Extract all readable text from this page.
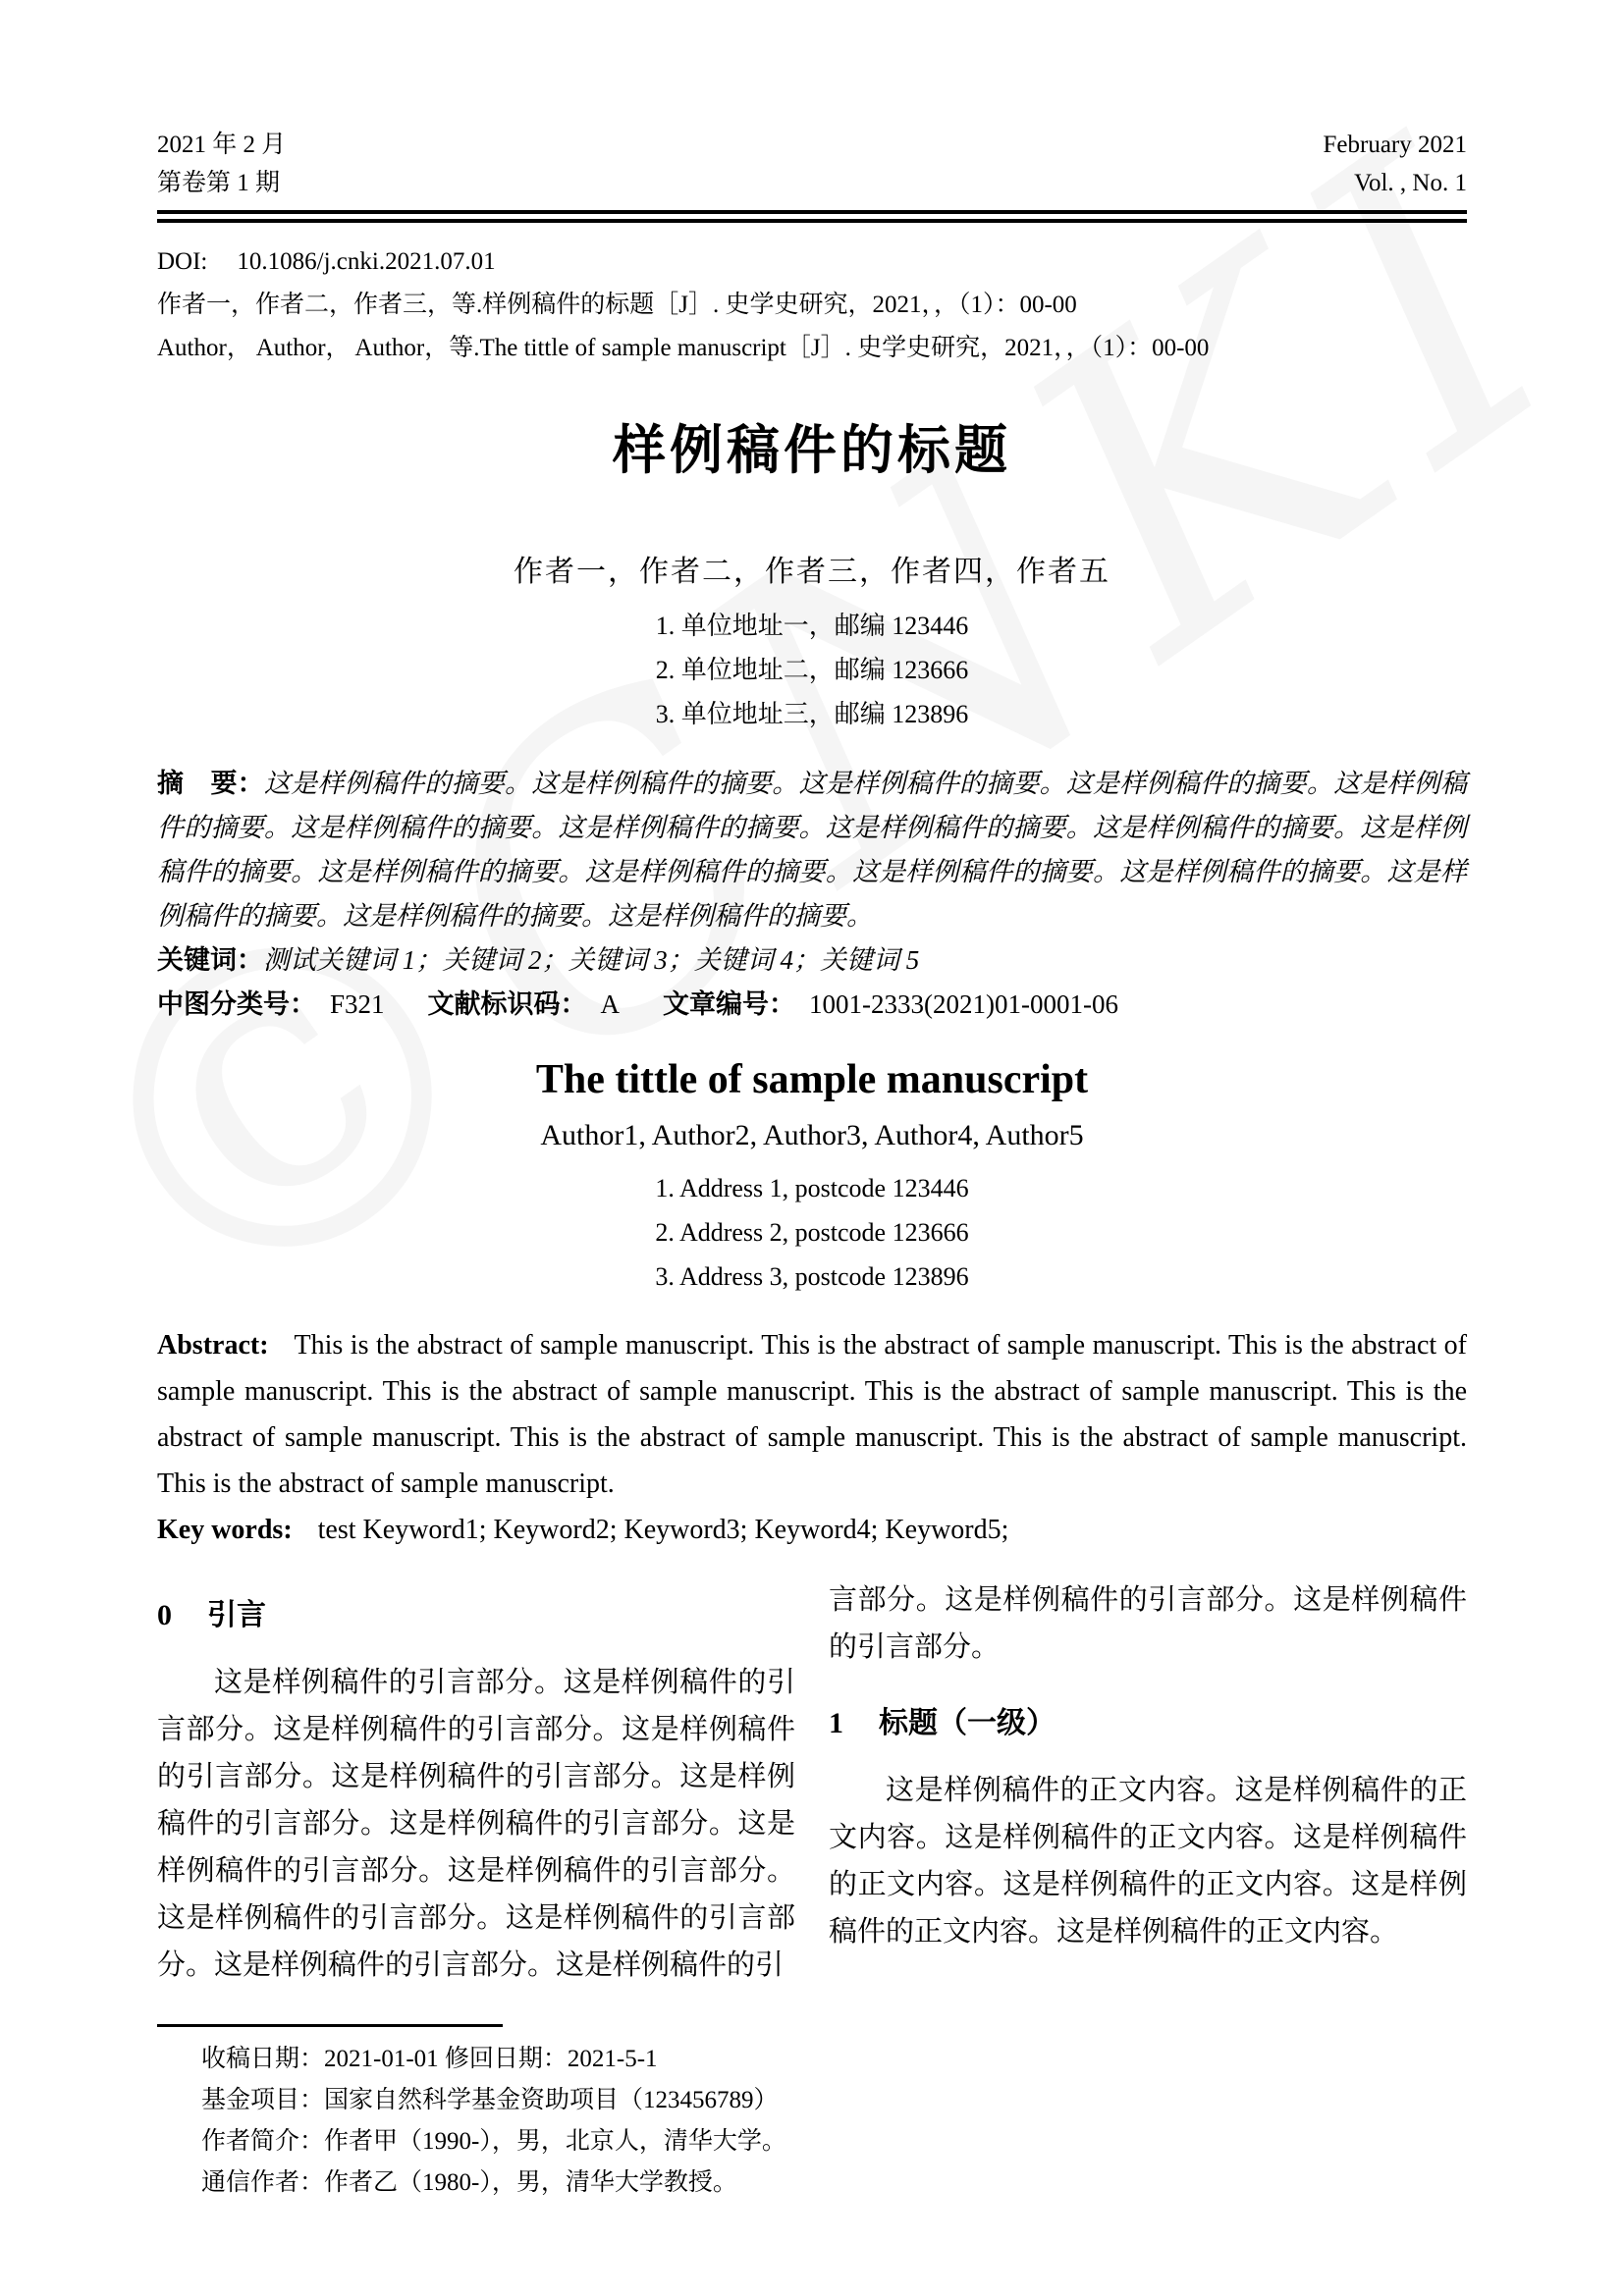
2021 年 2 月
第卷第 1 期
February 2021
Vol. , No. 1

DOI: 10.1086/j.cnki.2021.07.01

作者一，作者二，作者三，等.样例稿件的标题［J］. 史学史研究，2021，，（1）：00-00

Author， Author， Author，等.The tittle of sample manuscript［J］. 史学史研究，2021，，（1）：00-00

样例稿件的标题

作者一，作者二，作者三，作者四，作者五

1. 单位地址一，邮编 123446

2. 单位地址二，邮编 123666

3. 单位地址三，邮编 123896

摘　要：这是样例稿件的摘要。这是样例稿件的摘要。这是样例稿件的摘要。这是样例稿件的摘要。这是样例稿件的摘要。这是样例稿件的摘要。这是样例稿件的摘要。这是样例稿件的摘要。这是样例稿件的摘要。这是样例稿件的摘要。这是样例稿件的摘要。这是样例稿件的摘要。这是样例稿件的摘要。这是样例稿件的摘要。这是样例稿件的摘要。这是样例稿件的摘要。这是样例稿件的摘要。

关键词：测试关键词 1；关键词 2；关键词 3；关键词 4；关键词 5

中图分类号： F321 文献标识码： A 文章编号： 1001-2333(2021)01-0001-06

The tittle of sample manuscript

Author1, Author2, Author3, Author4, Author5

1. Address 1, postcode 123446

2. Address 2, postcode 123666

3. Address 3, postcode 123896

Abstract: This is the abstract of sample manuscript. This is the abstract of sample manuscript. This is the abstract of sample manuscript. This is the abstract of sample manuscript. This is the abstract of sample manuscript. This is the abstract of sample manuscript. This is the abstract of sample manuscript. This is the abstract of sample manuscript. This is the abstract of sample manuscript.

Key words: test Keyword1; Keyword2; Keyword3; Keyword4; Keyword5;

0 引言

这是样例稿件的引言部分。这是样例稿件的引言部分。这是样例稿件的引言部分。这是样例稿件的引言部分。这是样例稿件的引言部分。这是样例稿件的引言部分。这是样例稿件的引言部分。这是样例稿件的引言部分。这是样例稿件的引言部分。这是样例稿件的引言部分。这是样例稿件的引言部分。这是样例稿件的引言部分。这是样例稿件的引

言部分。这是样例稿件的引言部分。这是样例稿件的引言部分。

1 标题（一级）

这是样例稿件的正文内容。这是样例稿件的正文内容。这是样例稿件的正文内容。这是样例稿件的正文内容。这是样例稿件的正文内容。这是样例稿件的正文内容。这是样例稿件的正文内容。

收稿日期：2021-01-01 修回日期：2021-5-1

基金项目：国家自然科学基金资助项目（123456789）

作者简介：作者甲（1990-），男，北京人，清华大学。

通信作者：作者乙（1980-），男，清华大学教授。
